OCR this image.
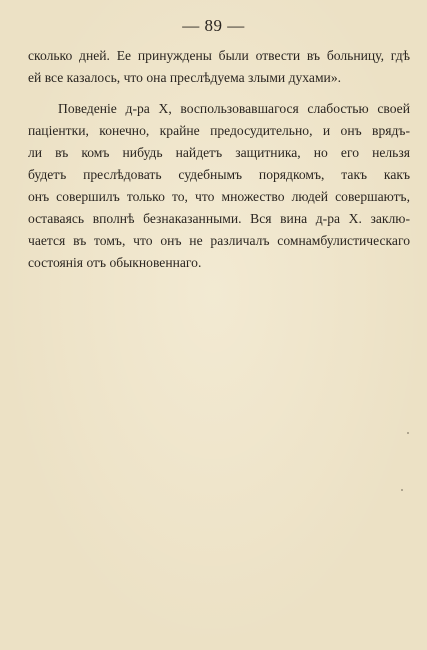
— 89 —
сколько дней. Ее принуждены были отвести въ больницу, гдѣ
ей все казалось, что она преслѣдуема злыми духами».
Поведенiе д-ра Х, воспользовавшагося слабостью своей
пацiентки, конечно, крайне предосудительно, и онъ врядъ-
ли въ комъ нибудь найдетъ защитника, но его нельзя
будетъ преслѣдовать судебнымъ порядкомъ, такъ какъ
онъ совершилъ только то, что множество людей совершаютъ,
оставаясь вполнѣ безнаказанными. Вся вина д-ра Х. заклю-
чается въ томъ, что онъ не различалъ сомнамбулистическаго
состоянiя отъ обыкновеннаго.
